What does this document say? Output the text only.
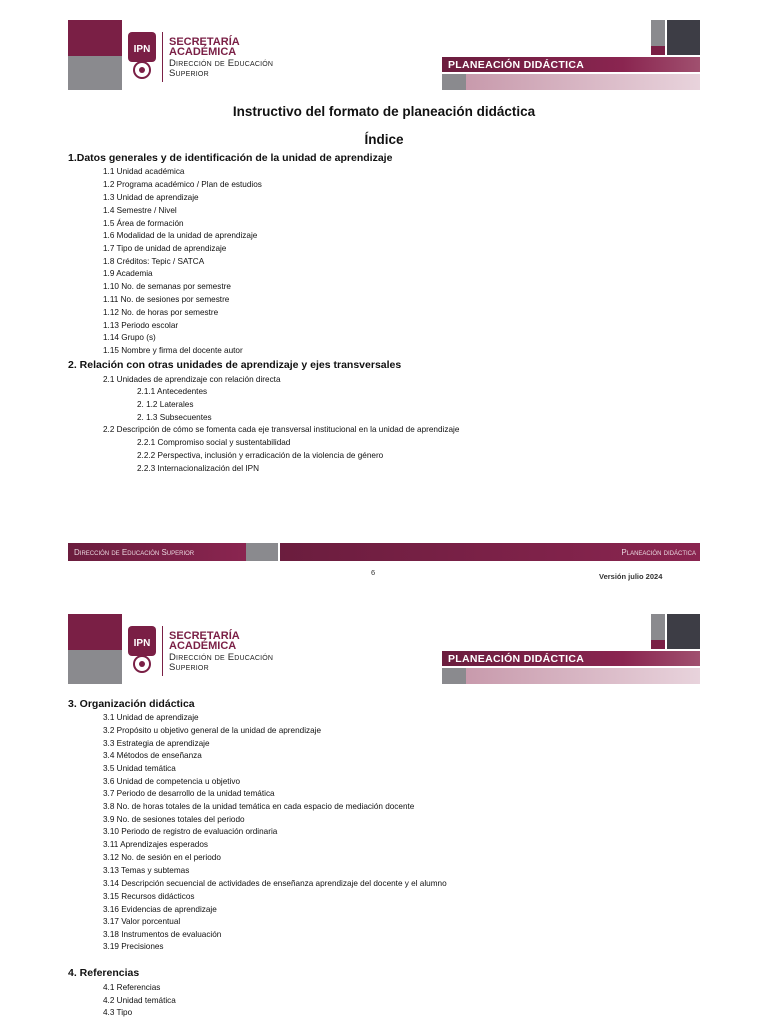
IPN
SECRETARÍA
ACADÉMICA
Dirección de Educación
Superior
PLANEACIÓN DIDÁCTICA
Instructivo del formato de planeación didáctica
Índice
1.Datos generales y de identificación de la unidad de aprendizaje
1.1 Unidad académica
1.2 Programa académico / Plan de estudios
1.3 Unidad de aprendizaje
1.4 Semestre / Nivel
1.5 Área de formación
1.6 Modalidad de la unidad de aprendizaje
1.7 Tipo de unidad de aprendizaje
1.8 Créditos: Tepic / SATCA
1.9 Academia
1.10 No. de semanas por semestre
1.11 No. de sesiones por semestre
1.12 No. de horas por semestre
1.13 Periodo escolar
1.14 Grupo (s)
1.15 Nombre y firma del docente autor
2. Relación con otras unidades de aprendizaje y ejes transversales
2.1 Unidades de aprendizaje con relación directa
2.1.1 Antecedentes
2. 1.2 Laterales
2. 1.3 Subsecuentes
2.2 Descripción de cómo se fomenta cada eje transversal institucional en la unidad de aprendizaje
2.2.1 Compromiso social y sustentabilidad
2.2.2 Perspectiva, inclusión y erradicación de la violencia de género
2.2.3 Internacionalización del IPN
Dirección de Educación Superior	Planeación didáctica
6	Versión julio 2024
IPN
SECRETARÍA
ACADÉMICA
Dirección de Educación
Superior
PLANEACIÓN DIDÁCTICA
3. Organización didáctica
3.1 Unidad de aprendizaje
3.2 Propósito u objetivo general de la unidad de aprendizaje
3.3 Estrategia de aprendizaje
3.4 Métodos de enseñanza
3.5 Unidad temática
3.6 Unidad de competencia u objetivo
3.7 Periodo de desarrollo de la unidad temática
3.8 No. de horas totales de la unidad temática en cada espacio de mediación docente
3.9 No. de sesiones totales del periodo
3.10 Periodo de registro de evaluación ordinaria
3.11 Aprendizajes esperados
3.12 No. de sesión en el periodo
3.13 Temas y subtemas
3.14 Descripción secuencial de actividades de enseñanza aprendizaje del docente y el alumno
3.15 Recursos didácticos
3.16 Evidencias de aprendizaje
3.17 Valor porcentual
3.18 Instrumentos de evaluación
3.19 Precisiones
4. Referencias
4.1 Referencias
4.2 Unidad temática
4.3 Tipo
